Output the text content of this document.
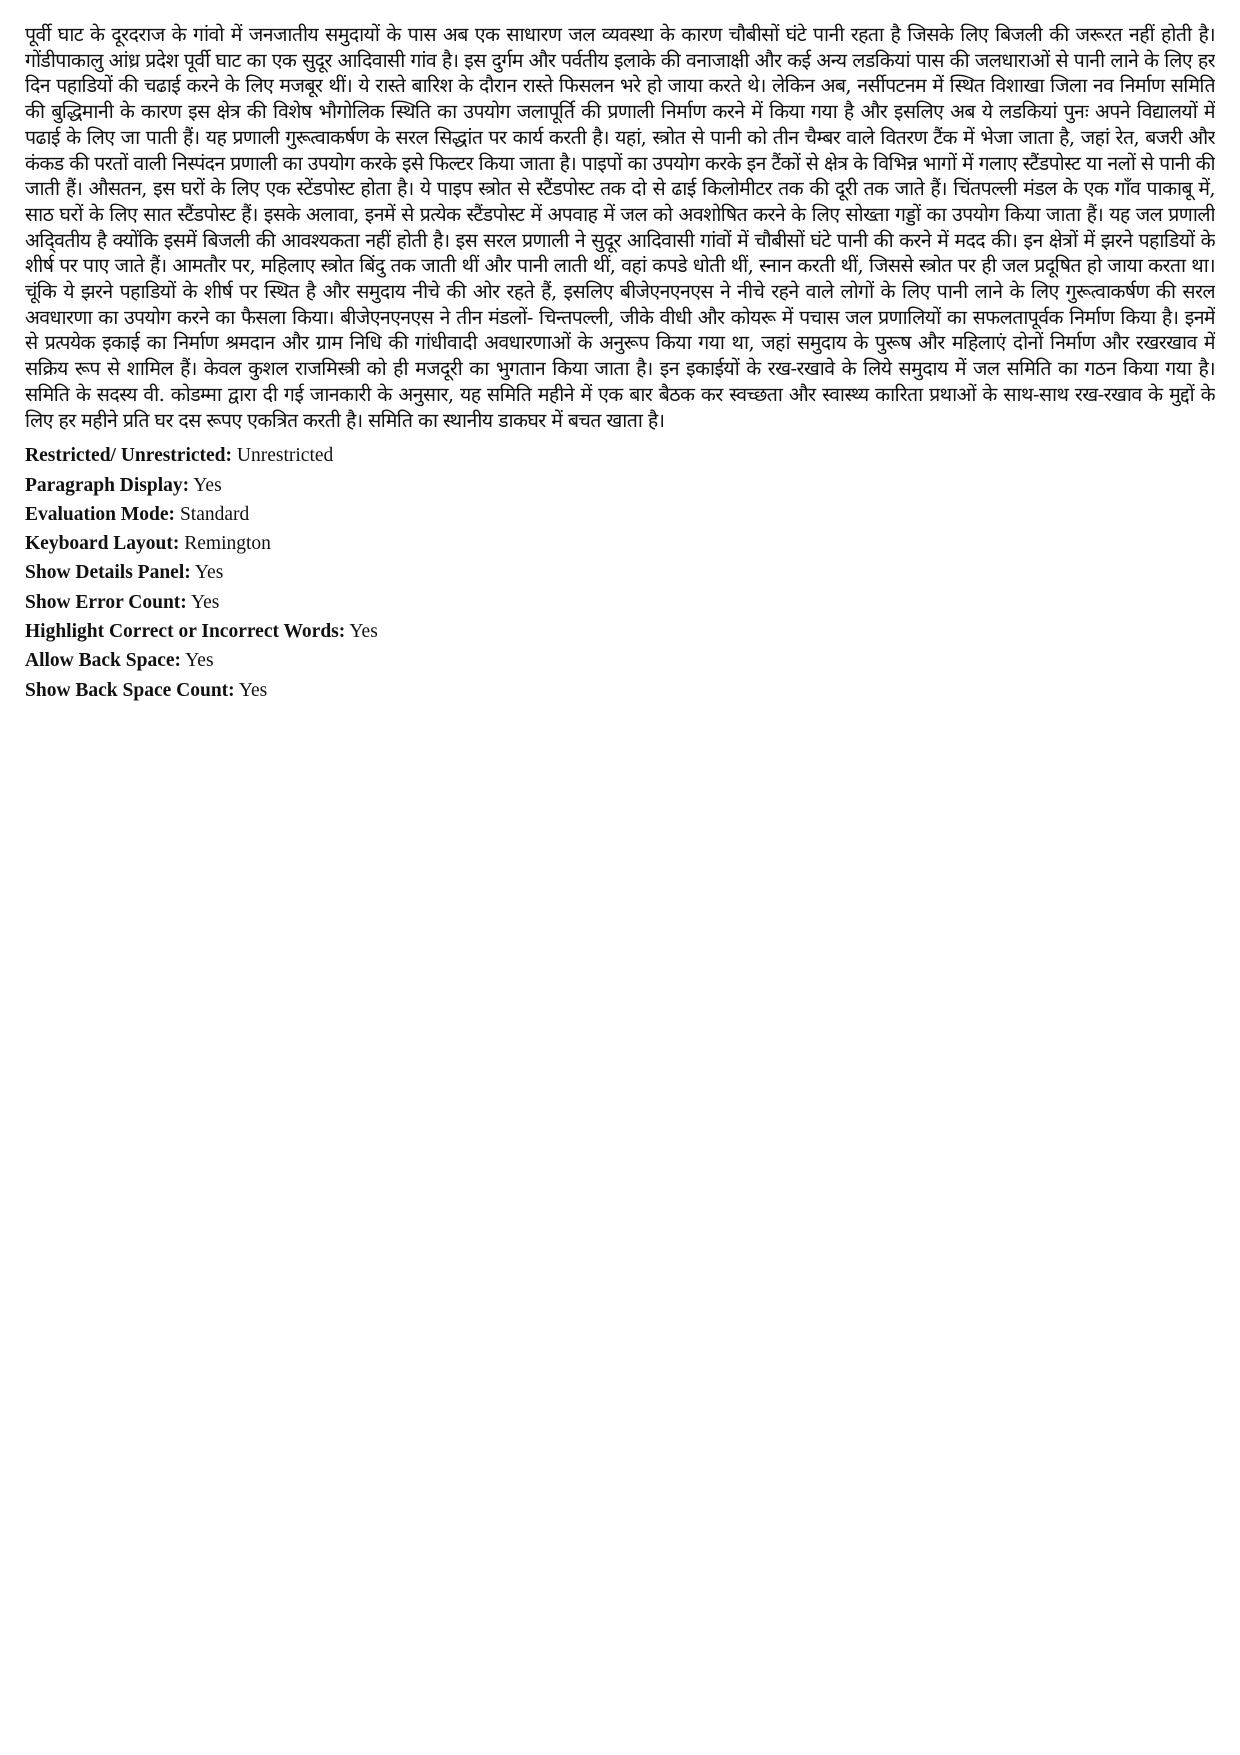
पूर्वी घाट के दूरदराज के गांवो में जनजातीय समुदायों के पास अब एक साधारण जल व्यवस्था के कारण चौबीसों घंटे पानी रहता है जिसके लिए बिजली की जरूरत नहीं होती है। गोंडीपाकालु आंध्र प्रदेश पूर्वी घाट का एक सुदूर आदिवासी गांव है। इस दुर्गम और पर्वतीय इलाके की वनाजाक्षी और कई अन्य लडकियां पास की जलधाराओं से पानी लाने के लिए हर दिन पहाडियों की चढाई करने के लिए मजबूर थीं। ये रास्ते बारिश के दौरान रास्ते फिसलन भरे हो जाया करते थे। लेकिन अब, नर्सीपटनम में स्थित विशाखा जिला नव निर्माण समिति की बुद्धिमानी के कारण इस क्षेत्र की विशेष भौगोलिक स्थिति का उपयोग जलापूर्ति की प्रणाली निर्माण करने में किया गया है और इसलिए अब ये लडकियां पुनः अपने विद्यालयों में पढाई के लिए जा पाती हैं। यह प्रणाली गुरूत्वाकर्षण के सरल सिद्धांत पर कार्य करती है। यहां, स्त्रोत से पानी को तीन चैम्बर वाले वितरण टैंक में भेजा जाता है, जहां रेत, बजरी और कंकड की परतों वाली निस्पंदन प्रणाली का उपयोग करके इसे फिल्टर किया जाता है। पाइपों का उपयोग करके इन टैंकों से क्षेत्र के विभिन्न भागों में गलाए स्टैंडपोस्ट या नलों से पानी की जाती हैं। औसतन, इस घरों के लिए एक स्टेंडपोस्ट होता है। ये पाइप स्त्रोत से स्टैंडपोस्ट तक दो से ढाई किलोमीटर तक की दूरी तक जाते हैं। चिंतपल्ली मंडल के एक गाँव पाकाबू में, साठ घरों के लिए सात स्टैंडपोस्ट हैं। इसके अलावा, इनमें से प्रत्येक स्टैंडपोस्ट में अपवाह में जल को अवशोषित करने के लिए सोख्ता गड्डों का उपयोग किया जाता हैं। यह जल प्रणाली अदि्वतीय है क्योंकि इसमें बिजली की आवश्यकता नहीं होती है। इस सरल प्रणाली ने सुदूर आदिवासी गांवों में चौबीसों घंटे पानी की करने में मदद की। इन क्षेत्रों में झरने पहाडियों के शीर्ष पर पाए जाते हैं। आमतौर पर, महिलाए स्त्रोत बिंदु तक जाती थीं और पानी लाती थीं, वहां कपडे धोती थीं, स्नान करती थीं, जिससे स्त्रोत पर ही जल प्रदूषित हो जाया करता था। चूंकि ये झरने पहाडियों के शीर्ष पर स्थित है और समुदाय नीचे की ओर रहते हैं, इसलिए बीजेएनएनएस ने नीचे रहने वाले लोगों के लिए पानी लाने के लिए गुरूत्वाकर्षण की सरल अवधारणा का उपयोग करने का फैसला किया। बीजेएनएनएस ने तीन मंडलों- चिन्तपल्ली, जीके वीधी और कोयरू में पचास जल प्रणालियों का सफलतापूर्वक निर्माण किया है। इनमें से प्रत्पयेक इकाई का निर्माण श्रमदान और ग्राम निधि की गांधीवादी अवधारणाओं के अनुरूप किया गया था, जहां समुदाय के पुरूष और महिलाएं दोनों निर्माण और रखरखाव में सक्रिय रूप से शामिल हैं। केवल कुशल राजमिस्त्री को ही मजदूरी का भुगतान किया जाता है। इन इकाईयों के रख-रखावे के लिये समुदाय में जल समिति का गठन किया गया है। समिति के सदस्य वी. कोडम्मा द्वारा दी गई जानकारी के अनुसार, यह समिति महीने में एक बार बैठक कर स्वच्छता और स्वास्थ्य कारिता प्रथाओं के साथ-साथ रख-रखाव के मुद्दों के लिए हर महीने प्रति घर दस रूपए एकत्रित करती है। समिति का स्थानीय डाकघर में बचत खाता है।

Restricted/ Unrestricted: Unrestricted
Paragraph Display: Yes
Evaluation Mode: Standard
Keyboard Layout: Remington
Show Details Panel: Yes
Show Error Count: Yes
Highlight Correct or Incorrect Words: Yes
Allow Back Space: Yes
Show Back Space Count: Yes
